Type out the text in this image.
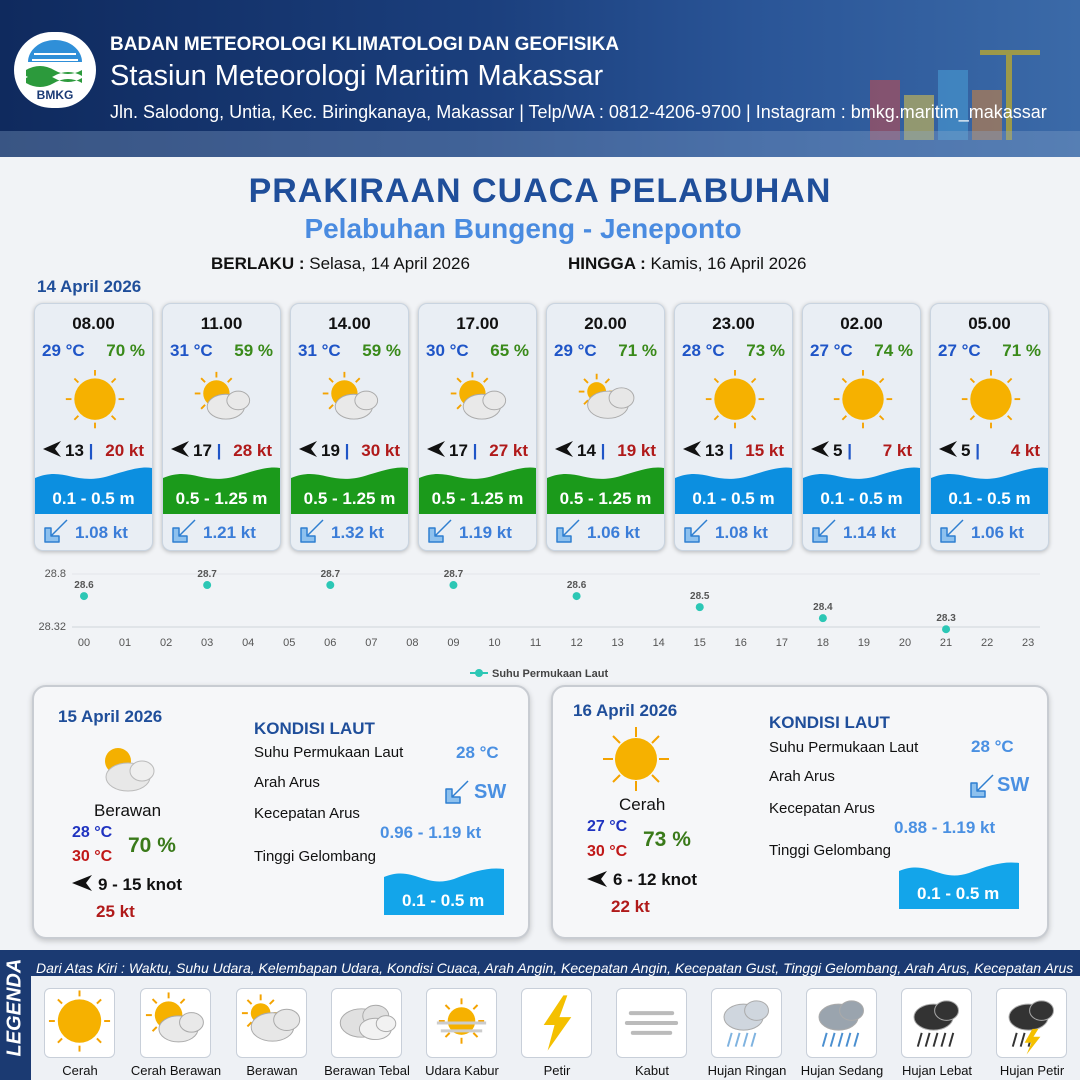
BMKG
BADAN METEOROLOGI KLIMATOLOGI DAN GEOFISIKA
Stasiun Meteorologi Maritim Makassar
Jln. Salodong, Untia, Kec. Biringkanaya, Makassar | Telp/WA : 0812-4206-9700 | Instagram : bmkg.maritim_makassar
PRAKIRAAN CUACA PELABUHAN
Pelabuhan Bungeng - Jeneponto
BERLAKU : Selasa, 14 April 2026	HINGGA : Kamis, 16 April 2026
14 April 2026
08.00
29 °C 70 %
13 | 20 kt
0.1 - 0.5 m
1.08 kt
11.00
31 °C 59 %
17 | 28 kt
0.5 - 1.25 m
1.21 kt
14.00
31 °C 59 %
19 | 30 kt
0.5 - 1.25 m
1.32 kt
17.00
30 °C 65 %
17 | 27 kt
0.5 - 1.25 m
1.19 kt
20.00
29 °C 71 %
14 | 19 kt
0.5 - 1.25 m
1.06 kt
23.00
28 °C 73 %
13 | 15 kt
0.1 - 0.5 m
1.08 kt
02.00
27 °C 74 %
5 | 7 kt
0.1 - 0.5 m
1.14 kt
05.00
27 °C 71 %
5 | 4 kt
0.1 - 0.5 m
1.06 kt
28.8
28.32
00	01	02	03	04	05	06	07	08	09	10	11	12	13	14	15	16	17	18	19	20	21	22	23
28.6
28.7	28.7	28.7
28.6
28.5
28.4
28.3
Suhu Permukaan Laut
15 April 2026
Berawan
28 °C
30 °C 70 %
9 - 15 knot
25 kt
KONDISI LAUT
Suhu Permukaan Laut	28 °C
Arah Arus	SW
Kecepatan Arus
0.96 - 1.19 kt
Tinggi Gelombang
0.1 - 0.5 m
16 April 2026
Cerah
27 °C
30 °C
73 %
6 - 12 knot
22 kt
KONDISI LAUT
Suhu Permukaan Laut	28 °C
Arah Arus	SW
Kecepatan Arus
0.88 - 1.19 kt
Tinggi Gelombang
0.1 - 0.5 m
LEGENDA Dari Atas Kiri : Waktu, Suhu Udara, Kelembapan Udara, Kondisi Cuaca, Arah Angin, Kecepatan Angin, Kecepatan Gust, Tinggi Gelombang, Arah Arus, Kecepatan Arus
Cerah	Cerah Berawan	Berawan	Berawan Tebal	Udara Kabur	Petir	Kabut	Hujan Ringan	Hujan Sedang	Hujan Lebat	Hujan Petir
